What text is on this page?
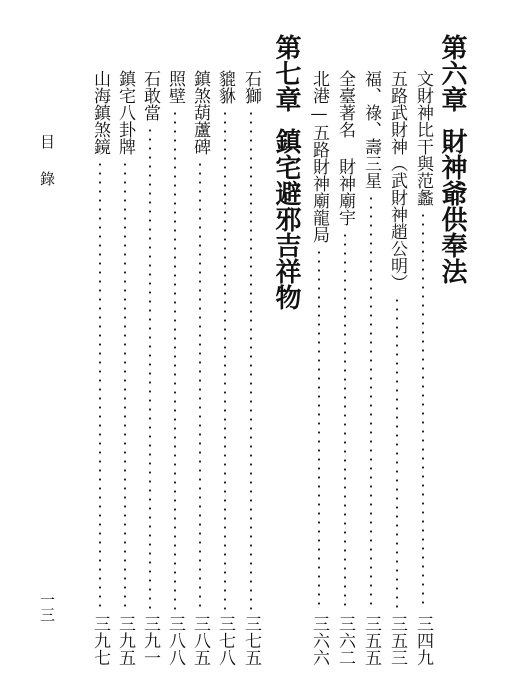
第六章財神爺供奉法
文財神比干與范蠡
三四九
五路武財神（武財神趙公明）
三五三
福、祿、壽三星
三五五
全臺著名 財神廟宇
三六二
北港—五路財神廟龍局
三六六
第七章鎮宅避邪吉祥物
石獅
三七五
貔貅
三七八
鎮煞葫蘆碑
三八五
照壁
三八八
石敢當
三九一
鎮宅八卦牌
三九五
山海鎮煞鏡
三九七
目錄
一三
